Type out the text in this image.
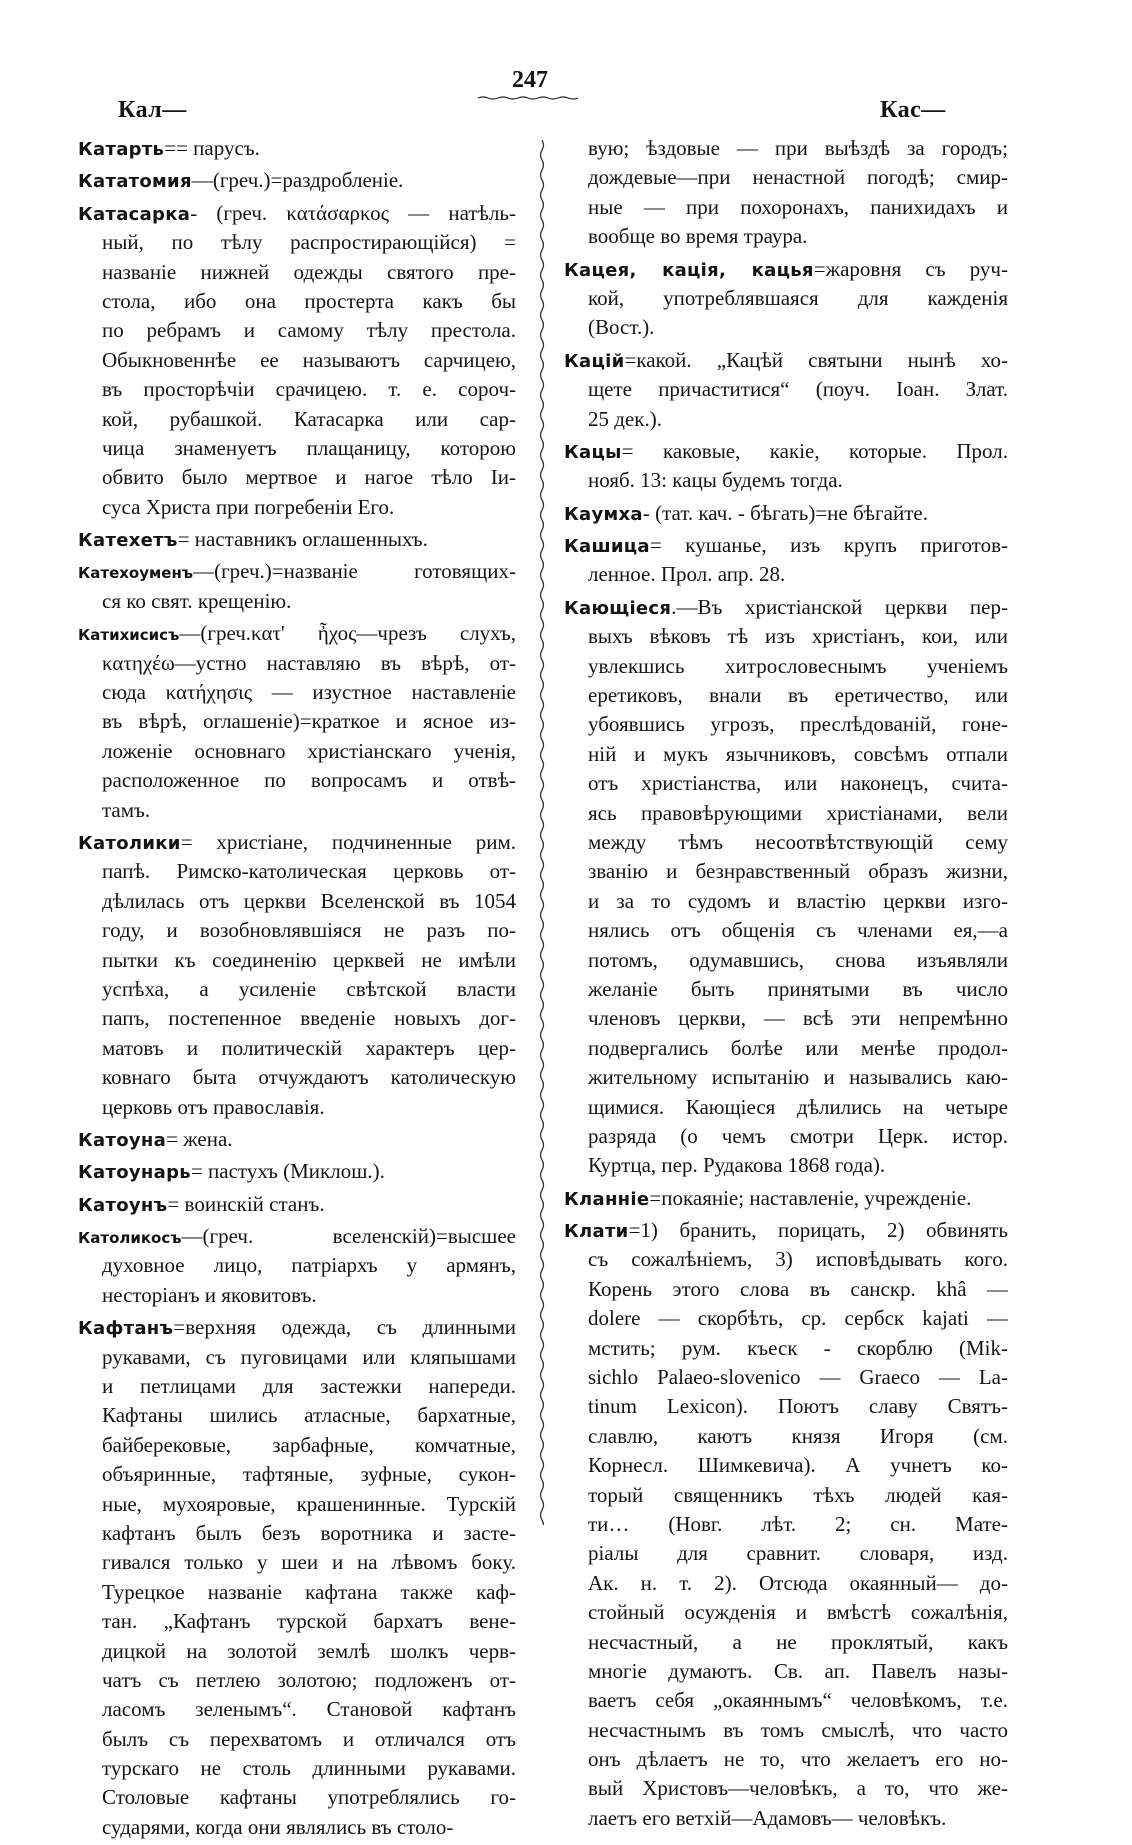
247
Кал—	Кас—
Катарть== парусъ.
Кататомия—(греч.)=раздробленіе.
Катасарка- (греч. κατάσαρκος — натѣль-
ный, по тѣлу распростирающійся) =
названіе нижней одежды святого пре-
стола, ибо она простерта какъ бы
по ребрамъ и самому тѣлу престола.
Обыкновеннѣе ее называютъ сарчицею,
въ просторѣчіи срачицею. т. е. сороч-
кой, рубашкой. Катасарка или сар-
чица знаменуетъ плащаницу, которою
обвито было мертвое и нагое тѣло Іи-
суса Христа при погребеніи Его.
Катехетъ= наставникъ оглашенныхъ.
Катехоуменъ—(греч.)=названіе готовящих-
ся ко свят. крещенію.
Катихисисъ—(греч.κατ' ἦχος—чрезъ слухъ,
κατηχέω—устно наставляю въ вѣрѣ, от-
сюда κατήχησις — изустное наставленіе
въ вѣрѣ, оглашеніе)=краткое и ясное из-
ложеніе основнаго христіанскаго ученія,
расположенное по вопросамъ и отвѣ-
тамъ.
Католики= христіане, подчиненные рим.
папѣ. Римско-католическая церковь от-
дѣлилась отъ церкви Вселенской въ 1054
году, и возобновлявшіяся не разъ по-
пытки къ соединенію церквей не имѣли
успѣха, а усиленіе свѣтской власти
папъ, постепенное введеніе новыхъ дог-
матовъ и политическій характеръ цер-
ковнаго быта отчуждаютъ католическую
церковь отъ православія.
Катоуна= жена.
Катоунарь= пастухъ (Миклош.).
Катоунъ= воинскій станъ.
Католикосъ—(греч. вселенскій)=высшее
духовное лицо, патріархъ у армянъ,
несторіанъ и яковитовъ.
Кафтанъ=верхняя одежда, съ длинными
рукавами, съ пуговицами или кляпышами
и петлицами для застежки напереди.
Кафтаны шились атласные, бархатные,
байберековые, зарбафные, комчатные,
объяринные, тафтяные, зуфные, сукон-
ные, мухояровые, крашенинные. Турскій
кафтанъ былъ безъ воротника и засте-
гивался только у шеи и на лѣвомъ боку.
Турецкое названіе кафтана также каф-
тан. „Кафтанъ турской бархатъ вене-
дицкой на золотой землѣ шолкъ черв-
чатъ съ петлею золотою; подложенъ от-
ласомъ зеленымъ“. Становой кафтанъ
былъ съ перехватомъ и отличался отъ
турскаго не столь длинными рукавами.
Столовые кафтаны употреблялись го-
сударями, когда они являлись въ столо-
вую; ѣздовые — при выѣздѣ за городъ;
дождевые—при ненастной погодѣ; смир-
ные — при похоронахъ, панихидахъ и
вообще во время траура.
Кацея, кація, кацья=жаровня съ руч-
кой, употреблявшаяся для кажденія
(Вост.).
Кацій=какой. „Кацѣй святыни нынѣ хо-
щете причаститися“ (поуч. Іоан. Злат.
25 дек.).
Кацы= каковые, какіе, которые. Прол.
нояб. 13: кацы будемъ тогда.
Каумха- (тат. кач. - бѣгать)=не бѣгайте.
Кашица= кушанье, изъ крупъ приготов-
ленное. Прол. апр. 28.
Кающіеся.—Въ христіанской церкви пер-
выхъ вѣковъ тѣ изъ христіанъ, кои, или
увлекшись хитрословеснымъ ученіемъ
еретиковъ, внали въ еретичество, или
убоявшись угрозъ, преслѣдованій, гоне-
ній и мукъ язычниковъ, совсѣмъ отпали
отъ христіанства, или наконецъ, счита-
ясь правовѣрующими христіанами, вели
между тѣмъ несоотвѣтствующій сему
званію и безнравственный образъ жизни,
и за то судомъ и властію церкви изго-
нялись отъ общенія съ членами ея,—а
потомъ, одумавшись, снова изъявляли
желаніе быть принятыми въ число
членовъ церкви, — всѣ эти непремѣнно
подвергались болѣе или менѣе продол-
жительному испытанію и назывались каю-
щимися. Кающіеся дѣлились на четыре
разряда (о чемъ смотри Церк. истор.
Куртца, пер. Рудакова 1868 года).
Кланніе=покаяніе; наставленіе, учрежденіе.
Клати=1) бранить, порицать, 2) обвинять
съ сожалѣніемъ, 3) исповѣдывать кого.
Корень этого слова въ санскр. khâ —
dolere — скорбѣть, ср. сербск kajati —
мстить; рум. къеск - скорблю (Mik-
sichlo Palaeo-slovenico — Graeco — La-
tinum Lexicon). Поютъ славу Святъ-
славлю, каютъ князя Игоря (см.
Корнесл. Шимкевича). А учнетъ ко-
торый священникъ тѣхъ людей кая-
ти… (Новг. лѣт. 2; сн. Мате-
ріалы для сравнит. словаря, изд.
Ак. н. т. 2). Отсюда окаянный— до-
стойный осужденія и вмѣстѣ сожалѣнія,
несчастный, а не проклятый, какъ
многіе думаютъ. Св. ап. Павелъ назы-
ваетъ себя „окаяннымъ“ человѣкомъ, т.е.
несчастнымъ въ томъ смыслѣ, что часто
онъ дѣлаетъ не то, что желаетъ его но-
вый Христовъ—человѣкъ, а то, что же-
лаетъ его ветхій—Адамовъ— человѣкъ.
